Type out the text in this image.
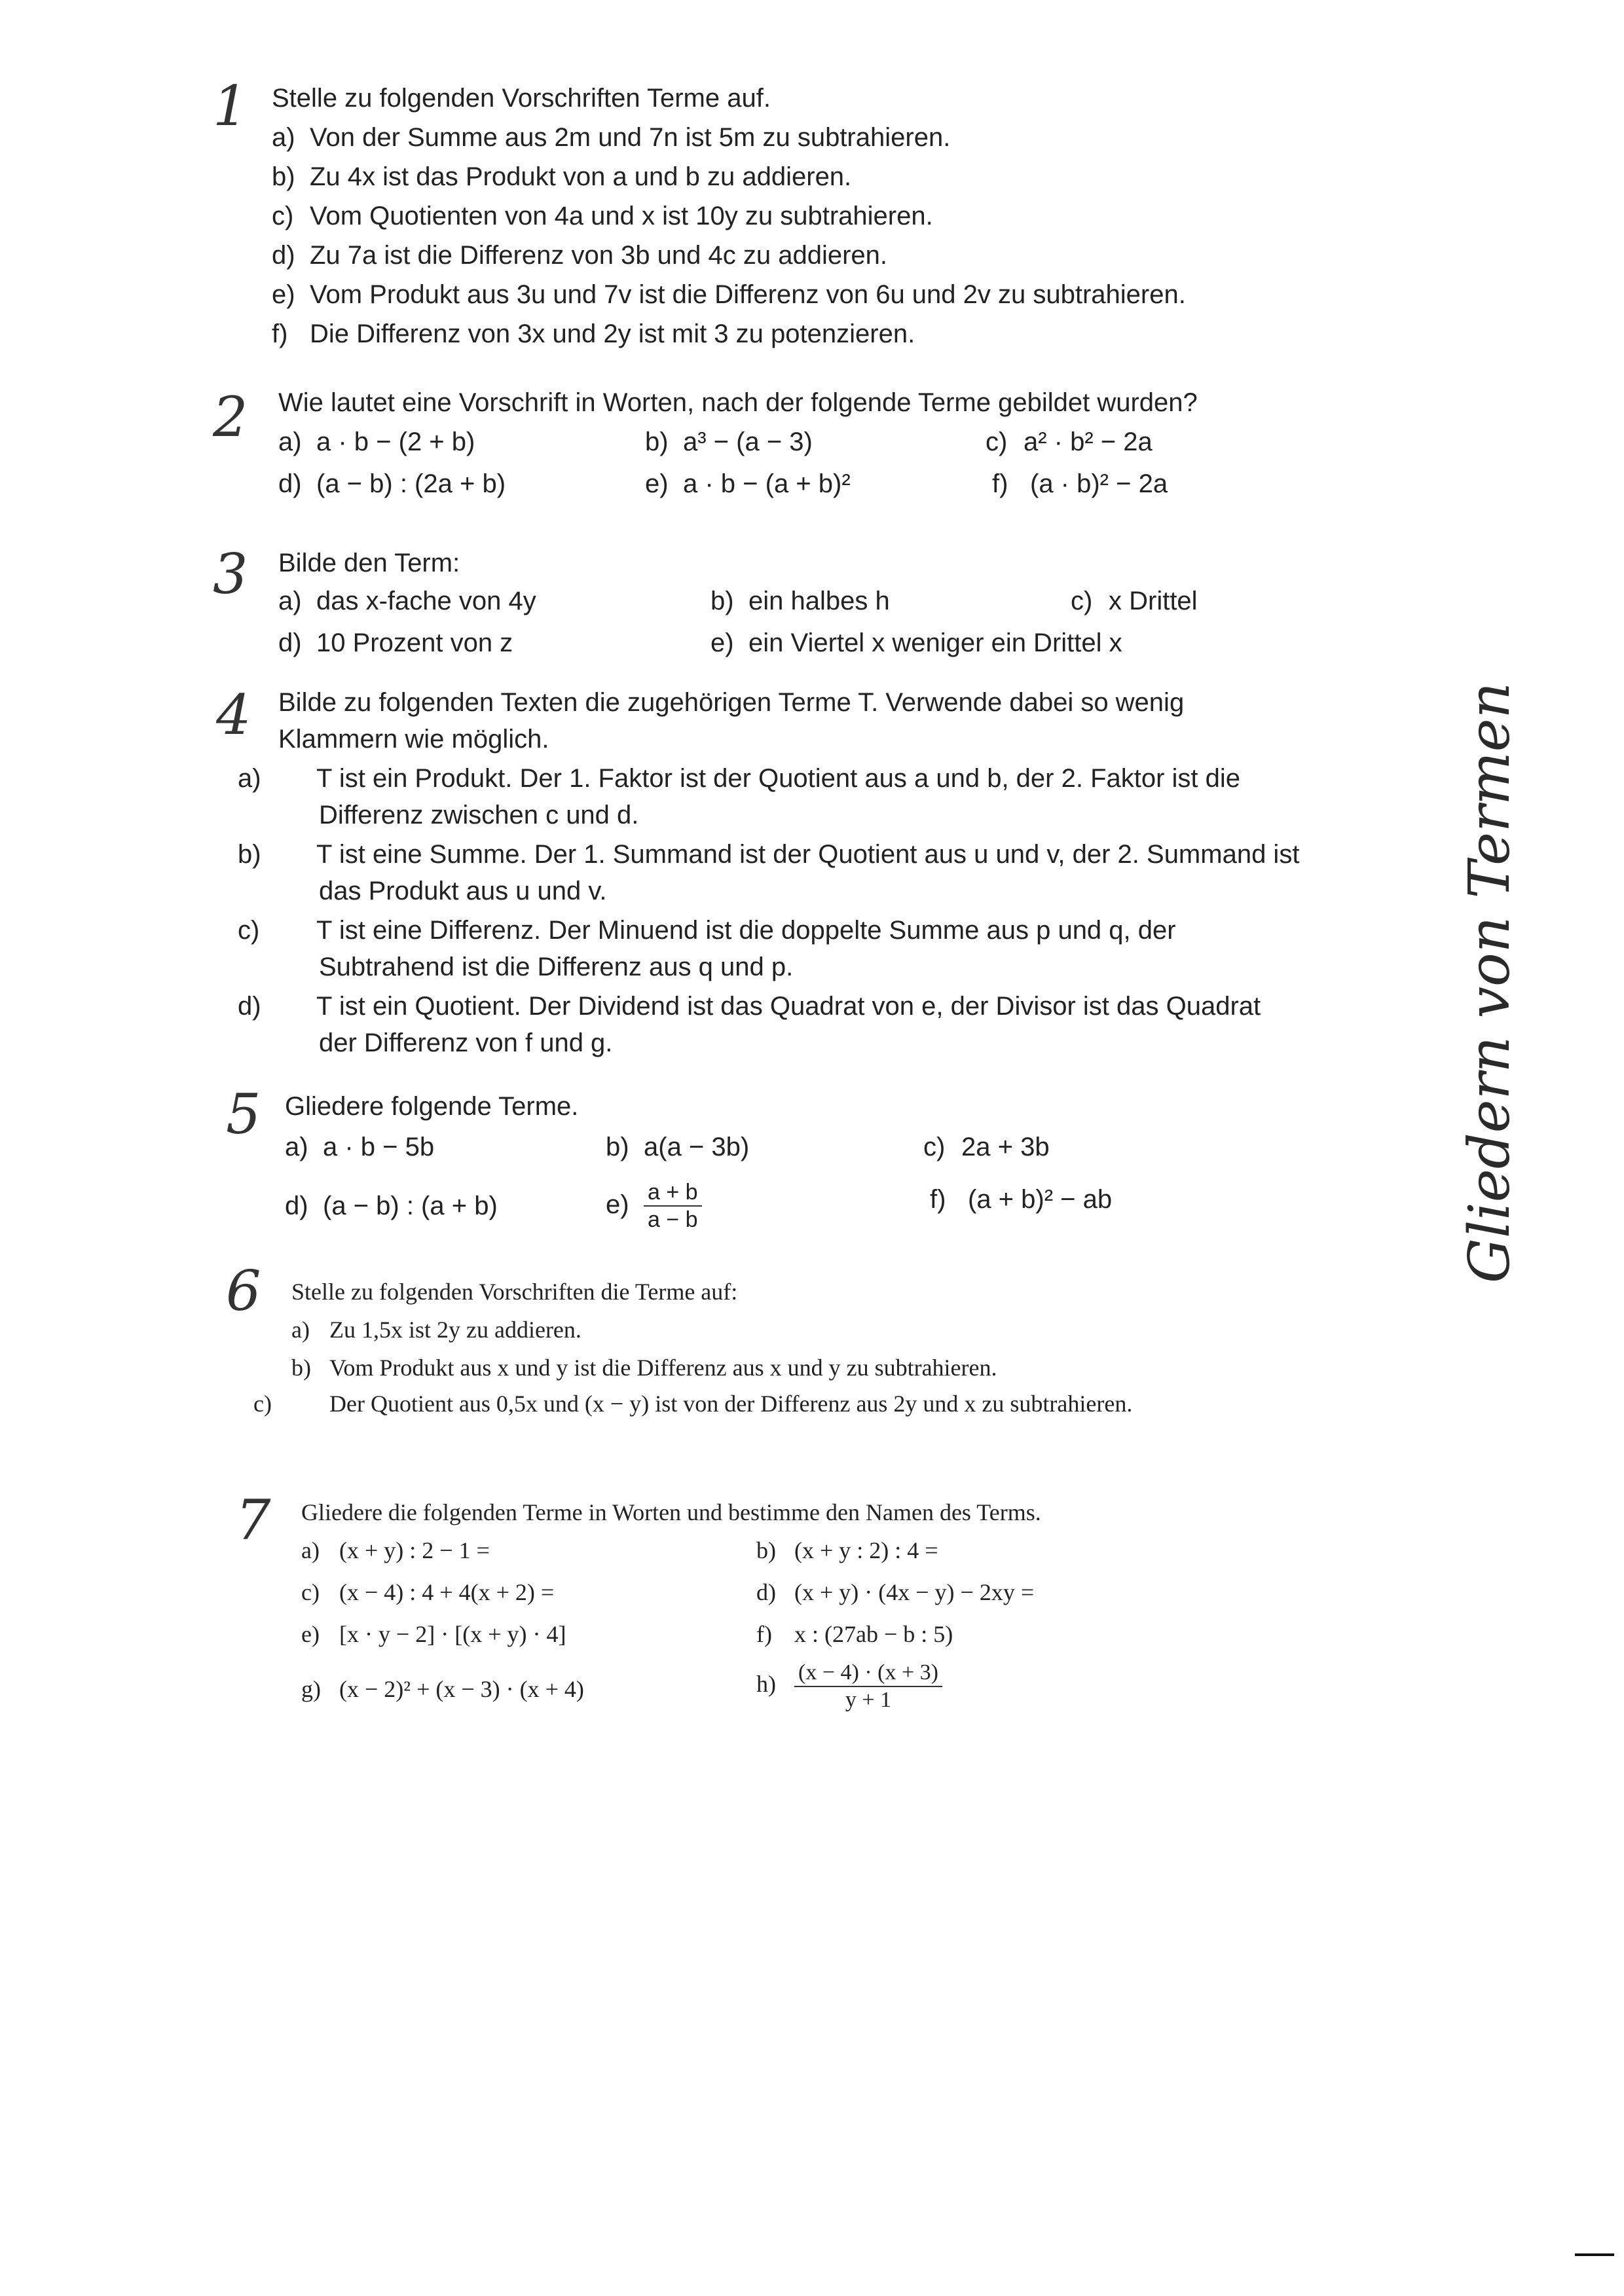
1 Stelle zu folgenden Vorschriften Terme auf.
a) Von der Summe aus 2m und 7n ist 5m zu subtrahieren.
b) Zu 4x ist das Produkt von a und b zu addieren.
c) Vom Quotienten von 4a und x ist 10y zu subtrahieren.
d) Zu 7a ist die Differenz von 3b und 4c zu addieren.
e) Vom Produkt aus 3u und 7v ist die Differenz von 6u und 2v zu subtrahieren.
f) Die Differenz von 3x und 2y ist mit 3 zu potenzieren.
2 Wie lautet eine Vorschrift in Worten, nach der folgende Terme gebildet wurden?
a) a · b − (2 + b)	b) a³ − (a − 3)	c) a² · b² − 2a
d) (a − b) : (2a + b)	e) a · b − (a + b)²	f) (a · b)² − 2a
3 Bilde den Term:
a) das x-fache von 4y	b) ein halbes h	c) x Drittel
d) 10 Prozent von z	e) ein Viertel x weniger ein Drittel x
4 Bilde zu folgenden Texten die zugehörigen Terme T. Verwende dabei so wenig Klammern wie möglich.
a) T ist ein Produkt. Der 1. Faktor ist der Quotient aus a und b, der 2. Faktor ist die Differenz zwischen c und d.
b) T ist eine Summe. Der 1. Summand ist der Quotient aus u und v, der 2. Summand ist das Produkt aus u und v.
c) T ist eine Differenz. Der Minuend ist die doppelte Summe aus p und q, der Subtrahend ist die Differenz aus q und p.
d) T ist ein Quotient. Der Dividend ist das Quadrat von e, der Divisor ist das Quadrat der Differenz von f und g.
5 Gliedere folgende Terme.
a) a · b − 5b	b) a(a − 3b)	c) 2a + 3b
d) (a − b) : (a + b)	$e) \frac{a + b}{a - b}$	f) (a + b)² − ab
6 Stelle zu folgenden Vorschriften die Terme auf:
a) Zu 1,5x ist 2y zu addieren.
b) Vom Produkt aus x und y ist die Differenz aus x und y zu subtrahieren.
c) Der Quotient aus 0,5x und (x − y) ist von der Differenz aus 2y und x zu subtrahieren.
7 Gliedere die folgenden Terme in Worten und bestimme den Namen des Terms.
a) (x + y) : 2 − 1 =	b) (x + y : 2) : 4 =
c) (x − 4) : 4 + 4(x + 2) =	d) (x + y) · (4x − y) − 2xy =
e) [x · y − 2] · [(x + y) · 4]	f) x : (27ab − b : 5)
g) (x − 2)² + (x − 3) · (x + 4)	$h) \frac{(x - 4) \cdot (x + 3)}{y + 1}$
Gliedern von Termen
